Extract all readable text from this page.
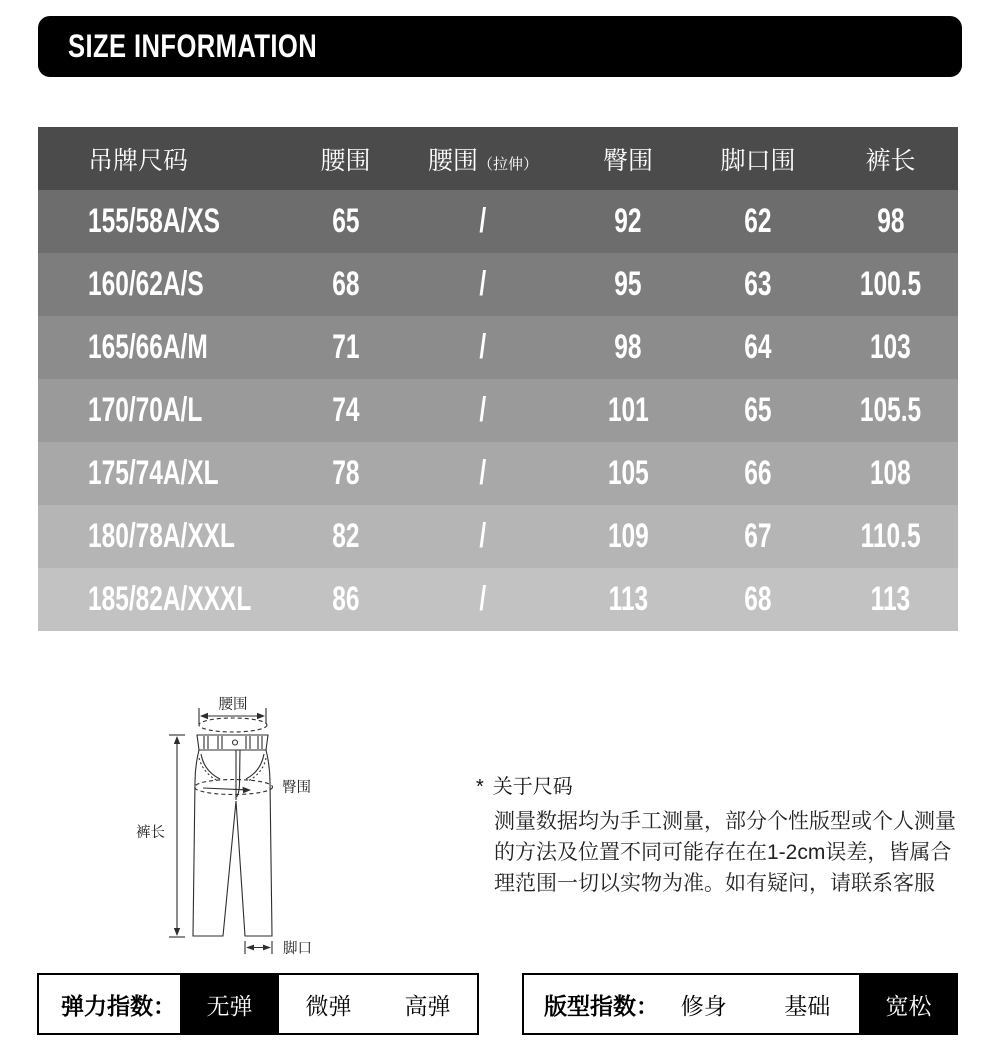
SIZE INFORMATION
吊牌尺码	腰围	腰围（拉伸）	臀围	脚口围	裤长
155/58A/XS	65	/	92	62	98
160/62A/S	68	/	95	63	100.5
165/66A/M	71	/	98	64	103
170/70A/L	74	/	101	65	105.5
175/74A/XL	78	/	105	66	108
180/78A/XXL	82	/	109	67	110.5
185/82A/XXXL	86	/	113	68	113
腰围
臀围
裤长
脚口
* 关于尺码
测量数据均为手工测量，部分个性版型或个人测量
的方法及位置不同可能存在在1-2cm误差，皆属合
理范围一切以实物为准。如有疑问，请联系客服
弹力指数：	无弹	微弹	高弹	版型指数： 修身	基础	宽松
